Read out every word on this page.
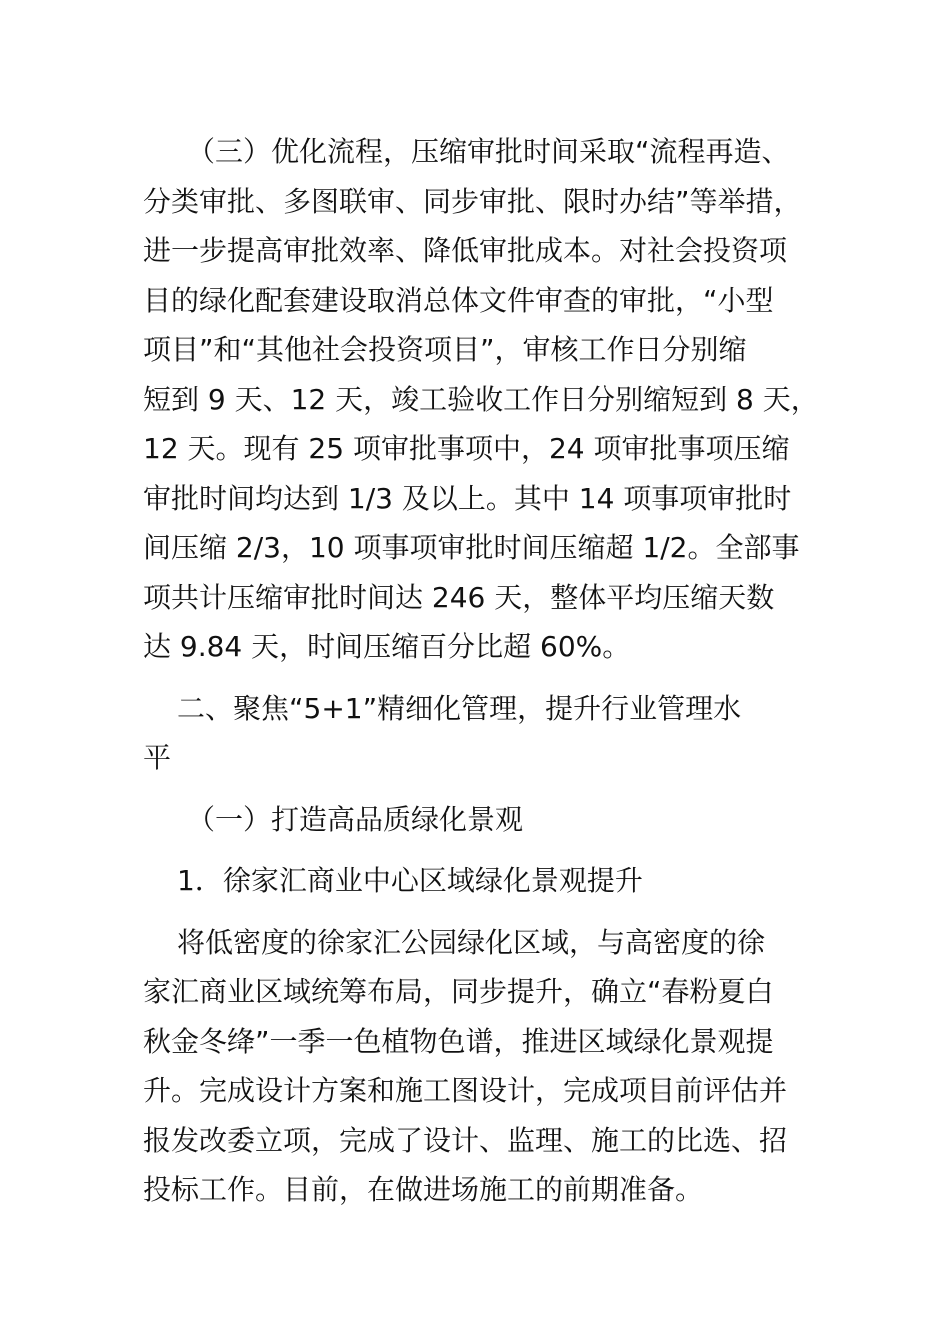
（三）优化流程，压缩审批时间采取“流程再造、
分类审批、多图联审、同步审批、限时办结”等举措，
进一步提高审批效率、降低审批成本。对社会投资项
目的绿化配套建设取消总体文件审查的审批，“小型
项目”和“其他社会投资项目”，审核工作日分别缩
短到 9 天、12 天，竣工验收工作日分别缩短到 8 天，
12 天。现有 25 项审批事项中，24 项审批事项压缩
审批时间均达到 1/3 及以上。其中 14 项事项审批时
间压缩 2/3，10 项事项审批时间压缩超 1/2。全部事
项共计压缩审批时间达 246 天，整体平均压缩天数
达 9.84 天，时间压缩百分比超 60%。
二、聚焦“5+1”精细化管理，提升行业管理水
平
（一）打造高品质绿化景观
1．徐家汇商业中心区域绿化景观提升
将低密度的徐家汇公园绿化区域，与高密度的徐
家汇商业区域统筹布局，同步提升，确立“春粉夏白
秋金冬绛”一季一色植物色谱，推进区域绿化景观提
升。完成设计方案和施工图设计，完成项目前评估并
报发改委立项，完成了设计、监理、施工的比选、招
投标工作。目前，在做进场施工的前期准备。
